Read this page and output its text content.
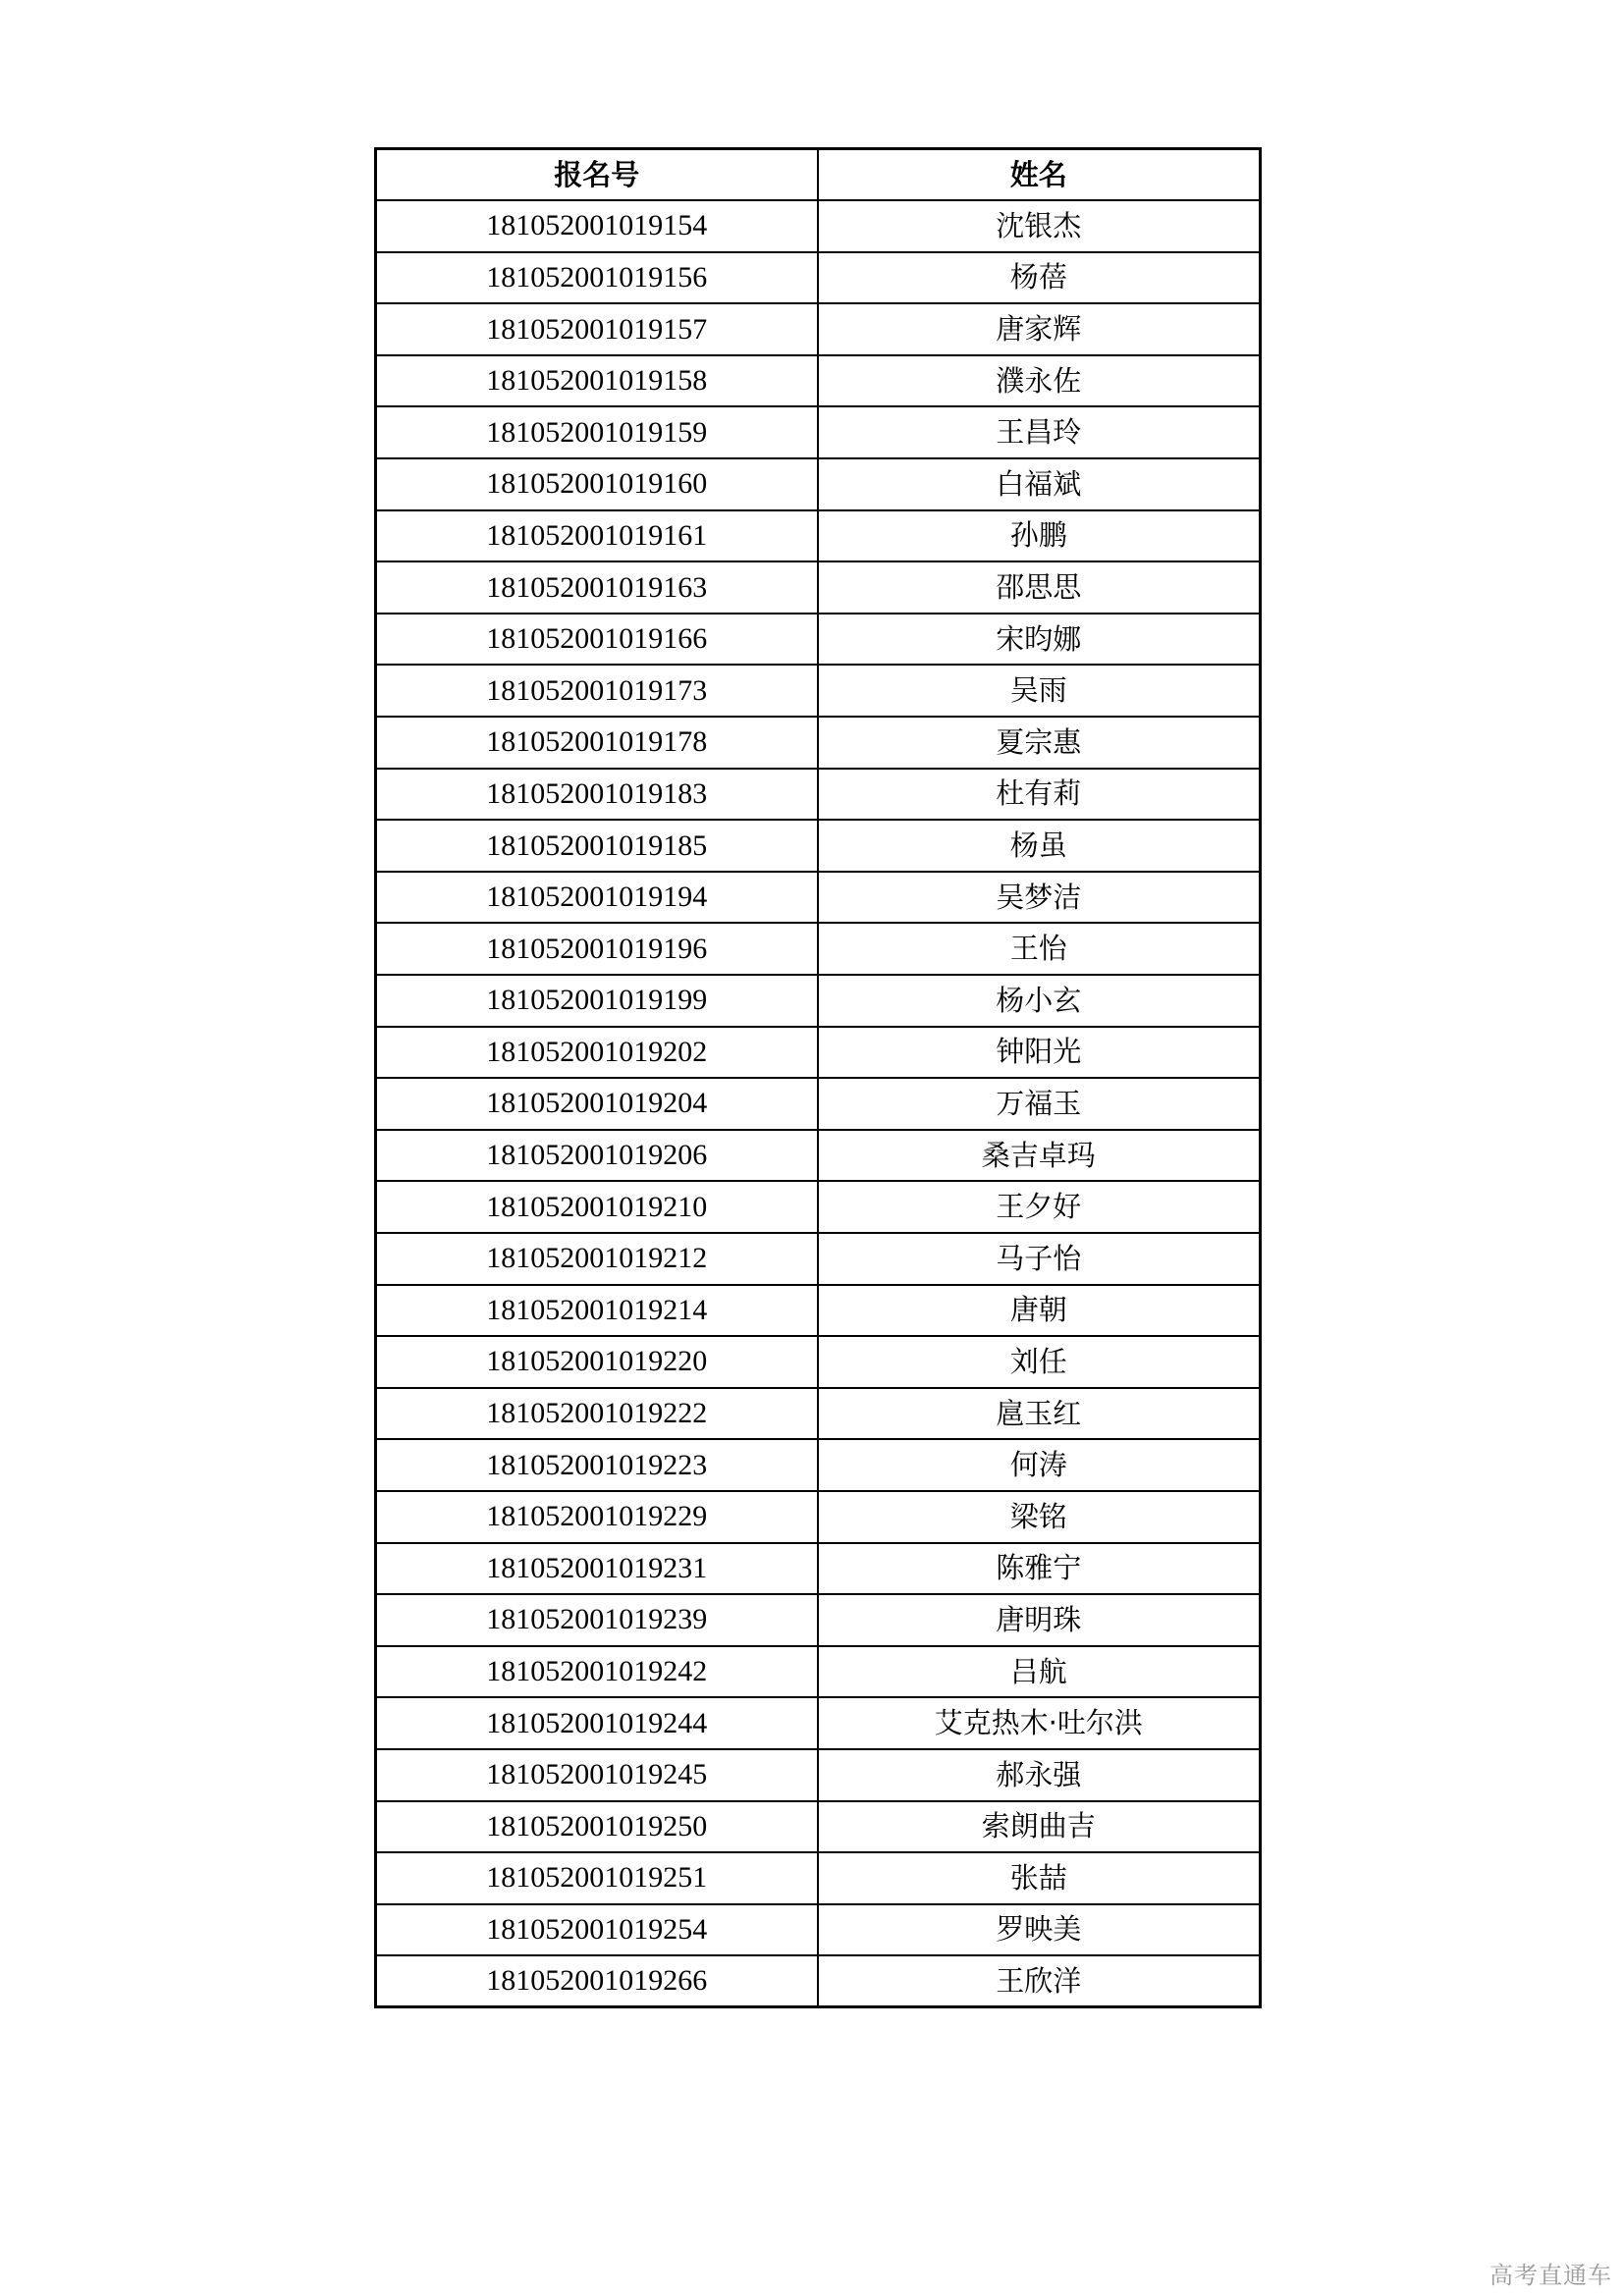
报名号	姓名
181052001019154	沈银杰
181052001019156	杨蓓
181052001019157	唐家辉
181052001019158	濮永佐
181052001019159	王昌玲
181052001019160	白福斌
181052001019161	孙鹏
181052001019163	邵思思
181052001019166	宋昀娜
181052001019173	吴雨
181052001019178	夏宗惠
181052001019183	杜有莉
181052001019185	杨虽
181052001019194	吴梦洁
181052001019196	王怡
181052001019199	杨小玄
181052001019202	钟阳光
181052001019204	万福玉
181052001019206	桑吉卓玛
181052001019210	王夕好
181052001019212	马子怡
181052001019214	唐朝
181052001019220	刘任
181052001019222	扈玉红
181052001019223	何涛
181052001019229	梁铭
181052001019231	陈雅宁
181052001019239	唐明珠
181052001019242	吕航
181052001019244	艾克热木·吐尔洪
181052001019245	郝永强
181052001019250	索朗曲吉
181052001019251	张喆
181052001019254	罗映美
181052001019266	王欣洋
高考直通车
